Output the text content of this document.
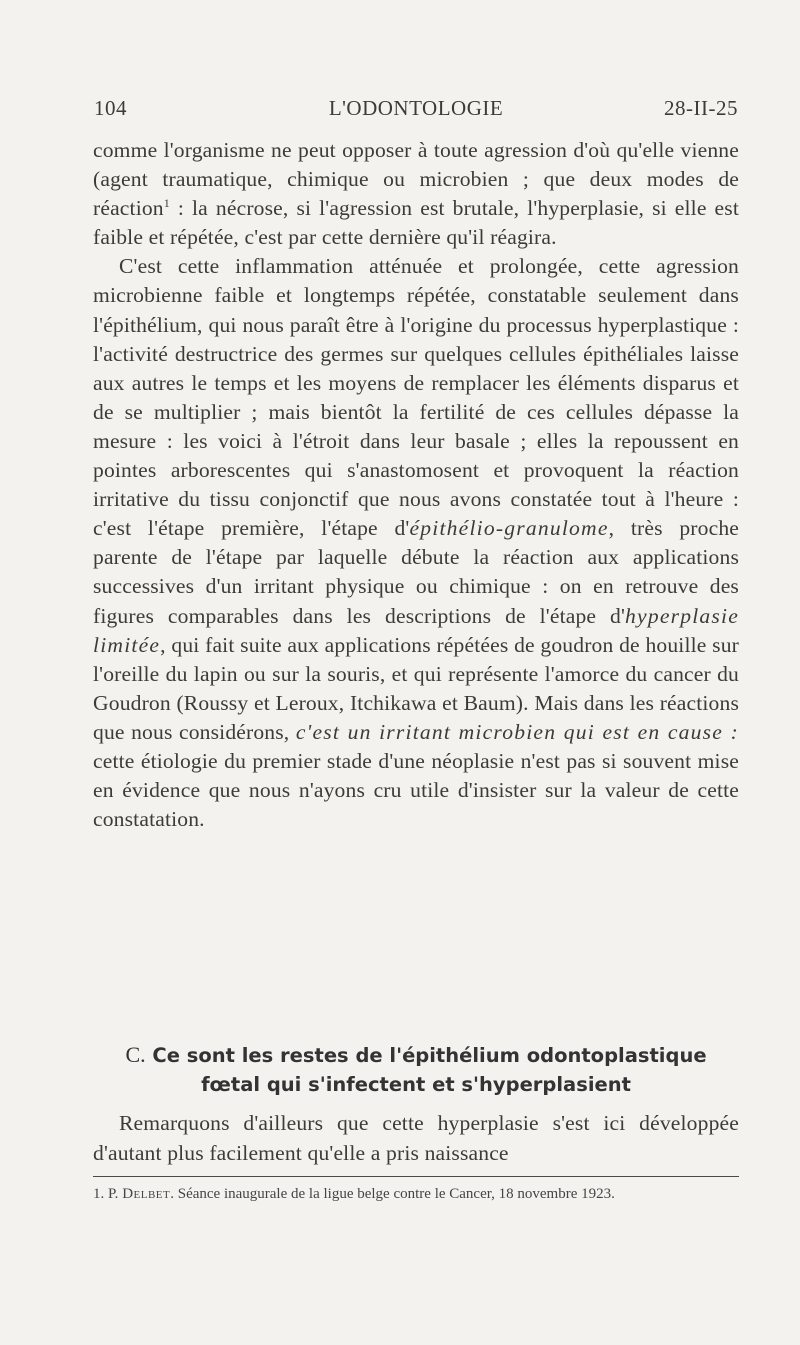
104	L'ODONTOLOGIE	28-II-25

comme l'organisme ne peut opposer à toute agression d'où qu'elle vienne (agent traumatique, chimique ou microbien ; que deux modes de réaction$^1$ : la nécrose, si l'agression est brutale, l'hyperplasie, si elle est faible et répétée, c'est par cette dernière qu'il réagira.

C'est cette inflammation atténuée et prolongée, cette agression microbienne faible et longtemps répétée, constatable seulement dans l'épithélium, qui nous paraît être à l'origine du processus hyperplastique : l'activité destructrice des germes sur quelques cellules épithéliales laisse aux autres le temps et les moyens de remplacer les éléments disparus et de se multiplier ; mais bientôt la fertilité de ces cellules dépasse la mesure : les voici à l'étroit dans leur basale ; elles la repoussent en pointes arborescentes qui s'anastomosent et provoquent la réaction irritative du tissu conjonctif que nous avons constatée tout à l'heure : c'est l'étape première, l'étape d'épithélio-granulome, très proche parente de l'étape par laquelle débute la réaction aux applications successives d'un irritant physique ou chimique : on en retrouve des figures comparables dans les descriptions de l'étape d'hyperplasie limitée, qui fait suite aux applications répétées de goudron de houille sur l'oreille du lapin ou sur la souris, et qui représente l'amorce du cancer du Goudron (Roussy et Leroux, Itchikawa et Baum). Mais dans les réactions que nous considérons, c'est un irritant microbien qui est en cause : cette étiologie du premier stade d'une néoplasie n'est pas si souvent mise en évidence que nous n'ayons cru utile d'insister sur la valeur de cette constatation.

C. Ce sont les restes de l'épithélium odontoplastique
fœtal qui s'infectent et s'hyperplasient

Remarquons d'ailleurs que cette hyperplasie s'est ici développée d'autant plus facilement qu'elle a pris naissance

1. P. Delbet. Séance inaugurale de la ligue belge contre le Cancer, 18 novembre 1923.
